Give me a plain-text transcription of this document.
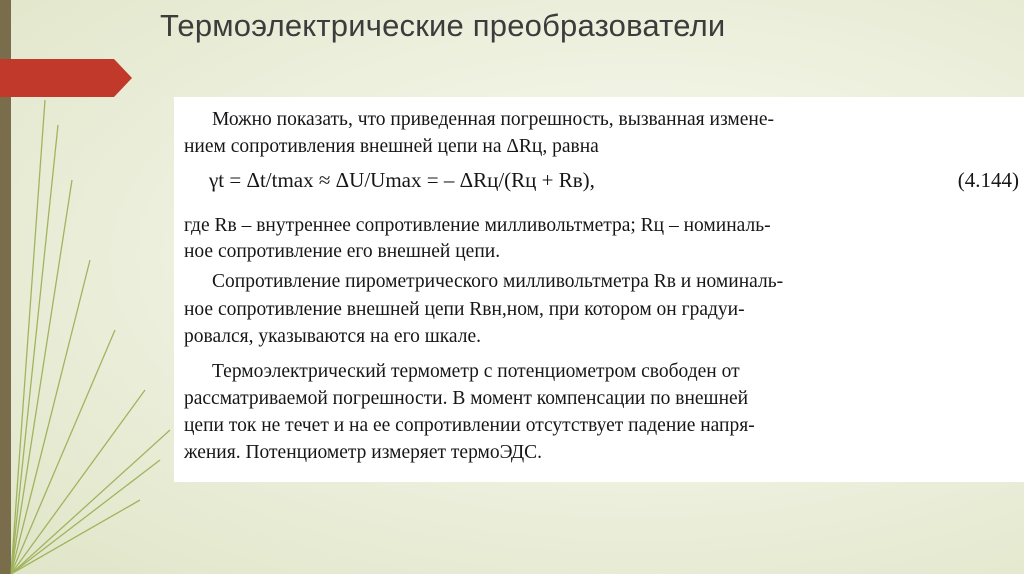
Термоэлектрические преобразователи
Можно показать, что приведенная погрешность, вызванная измене-
нием сопротивления внешней цепи на ΔRц, равна
γt = Δt/tmax ≈ ΔU/Umax = – ΔRц/(Rц + Rв),	(4.144)
где Rв – внутреннее сопротивление милливольтметра; Rц – номиналь-
ное сопротивление его внешней цепи.
Сопротивление пирометрического милливольтметра Rв и номиналь-
ное сопротивление внешней цепи Rвн,ном, при котором он градуи-
ровался, указываются на его шкале.
Термоэлектрический термометр с потенциометром свободен от
рассматриваемой погрешности. В момент компенсации по внешней
цепи ток не течет и на ее сопротивлении отсутствует падение напря-
жения. Потенциометр измеряет термоЭДС.
